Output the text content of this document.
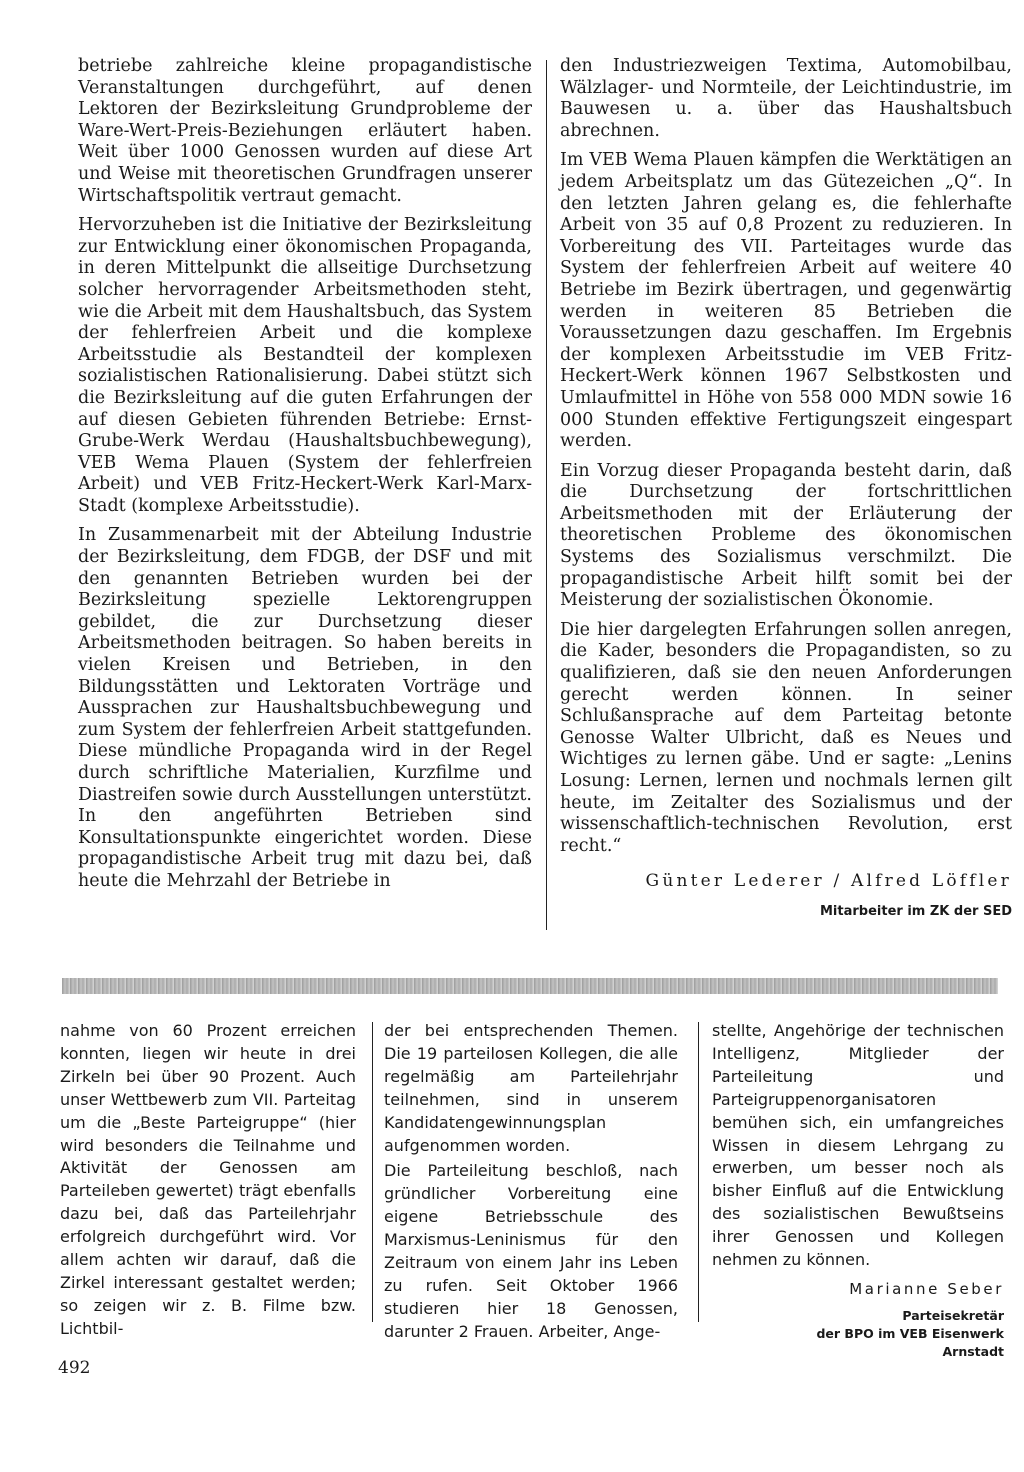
betriebe zahlreiche kleine propagandistische Veranstaltungen durchgeführt, auf denen Lektoren der Bezirksleitung Grundprobleme der Ware-Wert-Preis-Beziehungen erläutert haben. Weit über 1000 Genossen wurden auf diese Art und Weise mit theoretischen Grundfragen unserer Wirtschaftspolitik vertraut gemacht.

Hervorzuheben ist die Initiative der Bezirksleitung zur Entwicklung einer ökonomischen Propaganda, in deren Mittelpunkt die allseitige Durchsetzung solcher hervorragender Arbeitsmethoden steht, wie die Arbeit mit dem Haushaltsbuch, das System der fehlerfreien Arbeit und die komplexe Arbeitsstudie als Bestandteil der komplexen sozialistischen Rationalisierung. Dabei stützt sich die Bezirksleitung auf die guten Erfahrungen der auf diesen Gebieten führenden Betriebe: Ernst-Grube-Werk Werdau (Haushaltsbuchbewegung), VEB Wema Plauen (System der fehlerfreien Arbeit) und VEB Fritz-Heckert-Werk Karl-Marx-Stadt (komplexe Arbeitsstudie).

In Zusammenarbeit mit der Abteilung Industrie der Bezirksleitung, dem FDGB, der DSF und mit den genannten Betrieben wurden bei der Bezirksleitung spezielle Lektorengruppen gebildet, die zur Durchsetzung dieser Arbeitsmethoden beitragen. So haben bereits in vielen Kreisen und Betrieben, in den Bildungsstätten und Lektoraten Vorträge und Aussprachen zur Haushaltsbuchbewegung und zum System der fehlerfreien Arbeit stattgefunden. Diese mündliche Propaganda wird in der Regel durch schriftliche Materialien, Kurzfilme und Diastreifen sowie durch Ausstellungen unterstützt. In den angeführten Betrieben sind Konsultationspunkte eingerichtet worden. Diese propagandistische Arbeit trug mit dazu bei, daß heute die Mehrzahl der Betriebe in

den Industriezweigen Textima, Automobilbau, Wälzlager- und Normteile, der Leichtindustrie, im Bauwesen u. a. über das Haushaltsbuch abrechnen.

Im VEB Wema Plauen kämpfen die Werktätigen an jedem Arbeitsplatz um das Gütezeichen „Q“. In den letzten Jahren gelang es, die fehlerhafte Arbeit von 35 auf 0,8 Prozent zu reduzieren. In Vorbereitung des VII. Parteitages wurde das System der fehlerfreien Arbeit auf weitere 40 Betriebe im Bezirk übertragen, und gegenwärtig werden in weiteren 85 Betrieben die Voraussetzungen dazu geschaffen. Im Ergebnis der komplexen Arbeitsstudie im VEB Fritz-Heckert-Werk können 1967 Selbstkosten und Umlaufmittel in Höhe von 558 000 MDN sowie 16 000 Stunden effektive Fertigungszeit eingespart werden.

Ein Vorzug dieser Propaganda besteht darin, daß die Durchsetzung der fortschrittlichen Arbeitsmethoden mit der Erläuterung der theoretischen Probleme des ökonomischen Systems des Sozialismus verschmilzt. Die propagandistische Arbeit hilft somit bei der Meisterung der sozialistischen Ökonomie.

Die hier dargelegten Erfahrungen sollen anregen, die Kader, besonders die Propagandisten, so zu qualifizieren, daß sie den neuen Anforderungen gerecht werden können. In seiner Schlußansprache auf dem Parteitag betonte Genosse Walter Ulbricht, daß es Neues und Wichtiges zu lernen gäbe. Und er sagte: „Lenins Losung: Lernen, lernen und nochmals lernen gilt heute, im Zeitalter des Sozialismus und der wissenschaftlich-technischen Revolution, erst recht.“

Günter Lederer / Alfred Löffler
Mitarbeiter im ZK der SED

nahme von 60 Prozent erreichen konnten, liegen wir heute in drei Zirkeln bei über 90 Prozent. Auch unser Wettbewerb zum VII. Parteitag um die „Beste Parteigruppe“ (hier wird besonders die Teilnahme und Aktivität der Genossen am Parteileben gewertet) trägt ebenfalls dazu bei, daß das Parteilehrjahr erfolgreich durchgeführt wird. Vor allem achten wir darauf, daß die Zirkel interessant gestaltet werden; so zeigen wir z. B. Filme bzw. Lichtbil-

der bei entsprechenden Themen. Die 19 parteilosen Kollegen, die alle regelmäßig am Parteilehrjahr teilnehmen, sind in unserem Kandidatengewinnungsplan aufgenommen worden.

Die Parteileitung beschloß, nach gründlicher Vorbereitung eine eigene Betriebsschule des Marxismus-Leninismus für den Zeitraum von einem Jahr ins Leben zu rufen. Seit Oktober 1966 studieren hier 18 Genossen, darunter 2 Frauen. Arbeiter, Ange-

stellte, Angehörige der technischen Intelligenz, Mitglieder der Parteileitung und Parteigruppenorganisatoren bemühen sich, ein umfangreiches Wissen in diesem Lehrgang zu erwerben, um besser noch als bisher Einfluß auf die Entwicklung des sozialistischen Bewußtseins ihrer Genossen und Kollegen nehmen zu können.

Marianne Seber
Parteisekretär
der BPO im VEB Eisenwerk
Arnstadt
492
